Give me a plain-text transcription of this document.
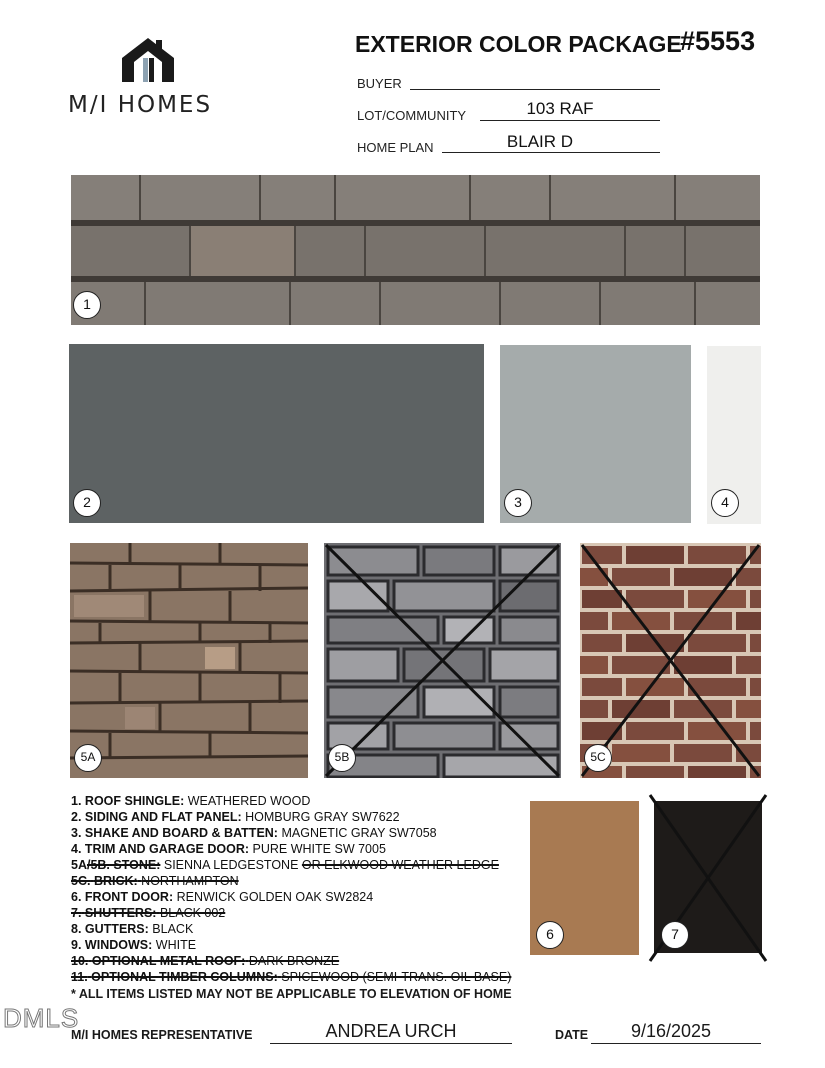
M/I HOMES
EXTERIOR COLOR PACKAGE
#5553
BUYER
LOT/COMMUNITY	103 RAF
HOME PLAN	BLAIR D
1
2	3	4
5A	5B	5C
1. ROOF SHINGLE: WEATHERED WOOD
2. SIDING AND FLAT PANEL: HOMBURG GRAY SW7622
3. SHAKE AND BOARD & BATTEN: MAGNETIC GRAY SW7058
4. TRIM AND GARAGE DOOR: PURE WHITE SW 7005
5A/5B. STONE: SIENNA LEDGESTONE OR ELKWOOD WEATHER LEDGE
5C. BRICK: NORTHAMPTON
6. FRONT DOOR: RENWICK GOLDEN OAK SW2824
7. SHUTTERS: BLACK 002
8. GUTTERS: BLACK
9. WINDOWS: WHITE
10. OPTIONAL METAL ROOF: DARK BRONZE
11. OPTIONAL TIMBER COLUMNS: SPICEWOOD (SEMI-TRANS. OIL BASE)
* ALL ITEMS LISTED MAY NOT BE APPLICABLE TO ELEVATION OF HOME
6	7
DMLS
M/I HOMES REPRESENTATIVE	ANDREA URCH	DATE	9/16/2025
